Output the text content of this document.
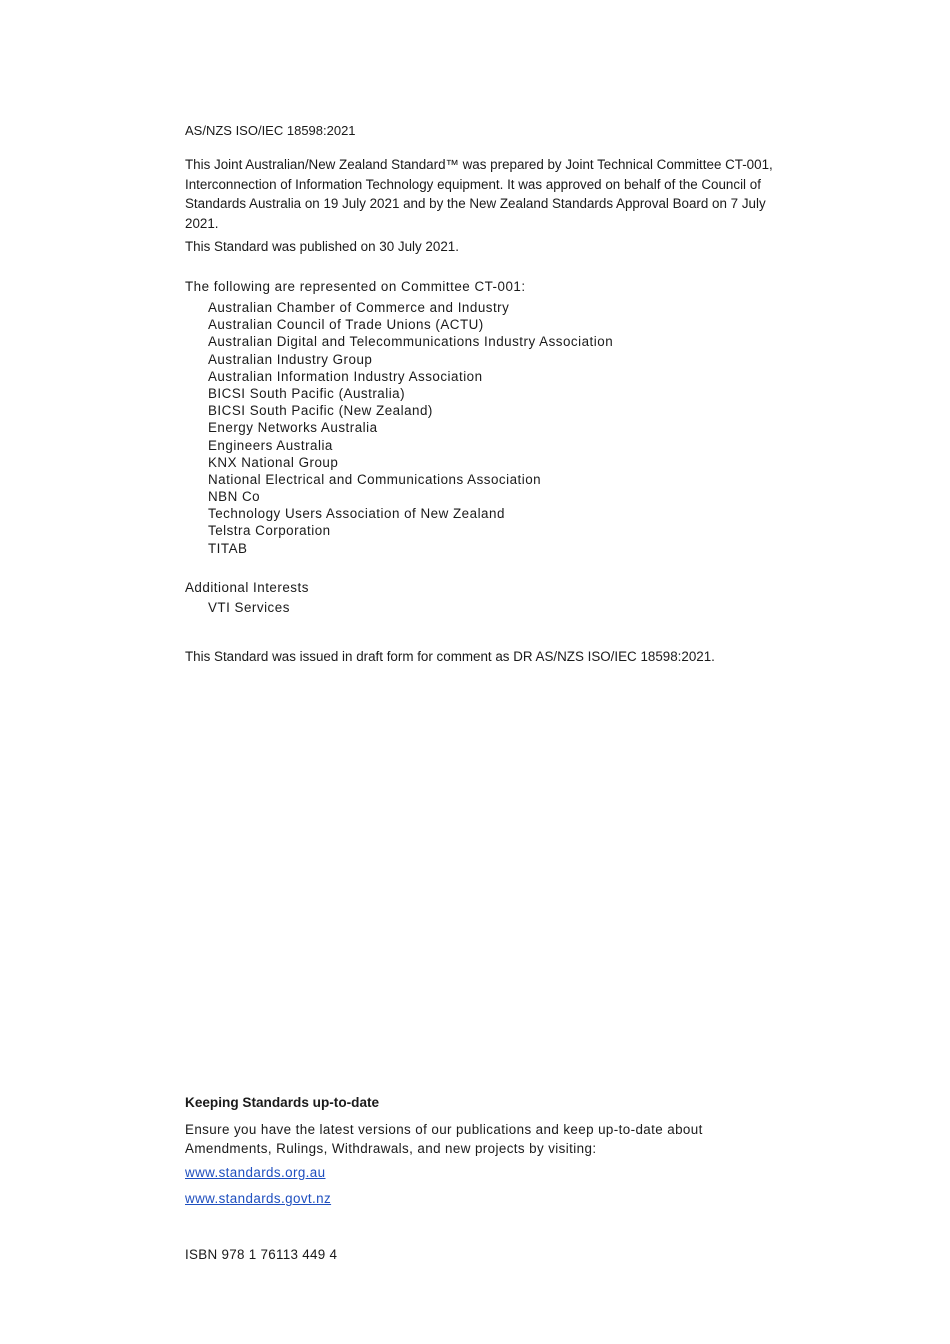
AS/NZS ISO/IEC 18598:2021

This Joint Australian/New Zealand Standard™ was prepared by Joint Technical Committee CT-001, Interconnection of Information Technology equipment. It was approved on behalf of the Council of Standards Australia on 19 July 2021 and by the New Zealand Standards Approval Board on 7 July 2021.

This Standard was published on 30 July 2021.
The following are represented on Committee CT-001:
Australian Chamber of Commerce and Industry
Australian Council of Trade Unions (ACTU)
Australian Digital and Telecommunications Industry Association
Australian Industry Group
Australian Information Industry Association
BICSI South Pacific (Australia)
BICSI South Pacific (New Zealand)
Energy Networks Australia
Engineers Australia
KNX National Group
National Electrical and Communications Association
NBN Co
Technology Users Association of New Zealand
Telstra Corporation
TITAB
Additional Interests
VTI Services
This Standard was issued in draft form for comment as DR AS/NZS ISO/IEC 18598:2021.
Keeping Standards up-to-date

Ensure you have the latest versions of our publications and keep up-to-date about Amendments, Rulings, Withdrawals, and new projects by visiting:

www.standards.org.au
www.standards.govt.nz
ISBN 978 1 76113 449 4
